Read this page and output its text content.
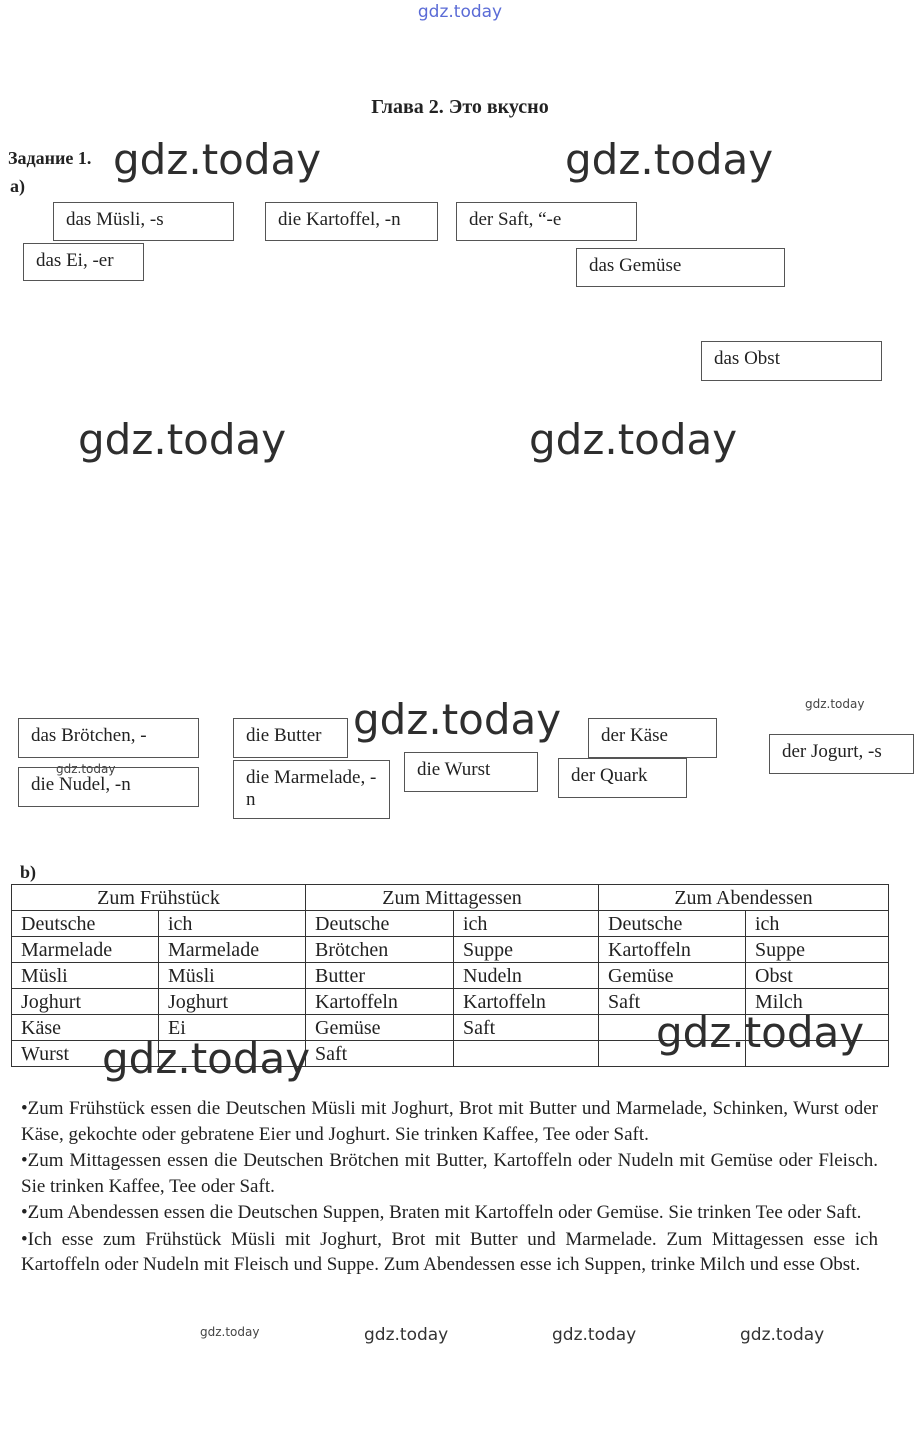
gdz.today
Глава 2. Это вкусно
Задание 1.
a)
das Müsli, -s	die Kartoffel, -n	der Saft, “-e
das Ei, -er	das Gemüse
das Obst
das Brötchen, -	die Butter	der Käse
der Jogurt, -s
die Nudel, -n	die Marmelade, -n
die Wurst	der Quark
b)
Zum Frühstück		Zum Mittagessen		Zum Abendessen	
Deutsche	ich	Deutsche	ich	Deutsche	ich
Marmelade	Marmelade	Brötchen	Suppe	Kartoffeln	Suppe
Müsli	Müsli	Butter	Nudeln	Gemüse	Obst
Joghurt	Joghurt	Kartoffeln	Kartoffeln	Saft	Milch
Käse	Ei	Gemüse	Saft		
Wurst		Saft			

•Zum Frühstück essen die Deutschen Müsli mit Joghurt, Brot mit Butter und Marmelade, Schinken, Wurst oder Käse, gekochte oder gebratene Eier und Joghurt. Sie trinken Kaffee, Tee oder Saft.

•Zum Mittagessen essen die Deutschen Brötchen mit Butter, Kartoffeln oder Nudeln mit Gemüse oder Fleisch. Sie trinken Kaffee, Tee oder Saft.

•Zum Abendessen essen die Deutschen Suppen, Braten mit Kartoffeln oder Gemüse. Sie trinken Tee oder Saft.

•Ich esse zum Frühstück Müsli mit Joghurt, Brot mit Butter und Marmelade. Zum Mittagessen esse ich Kartoffeln oder Nudeln mit Fleisch und Suppe. Zum Abendessen esse ich Suppen, trinke Milch und esse Obst.

gdz.today	gdz.today
gdz.today	gdz.today
gdz.today
gdz.today
gdz.today
gdz.today
gdz.today
gdz.today	gdz.today	gdz.today	gdz.today
